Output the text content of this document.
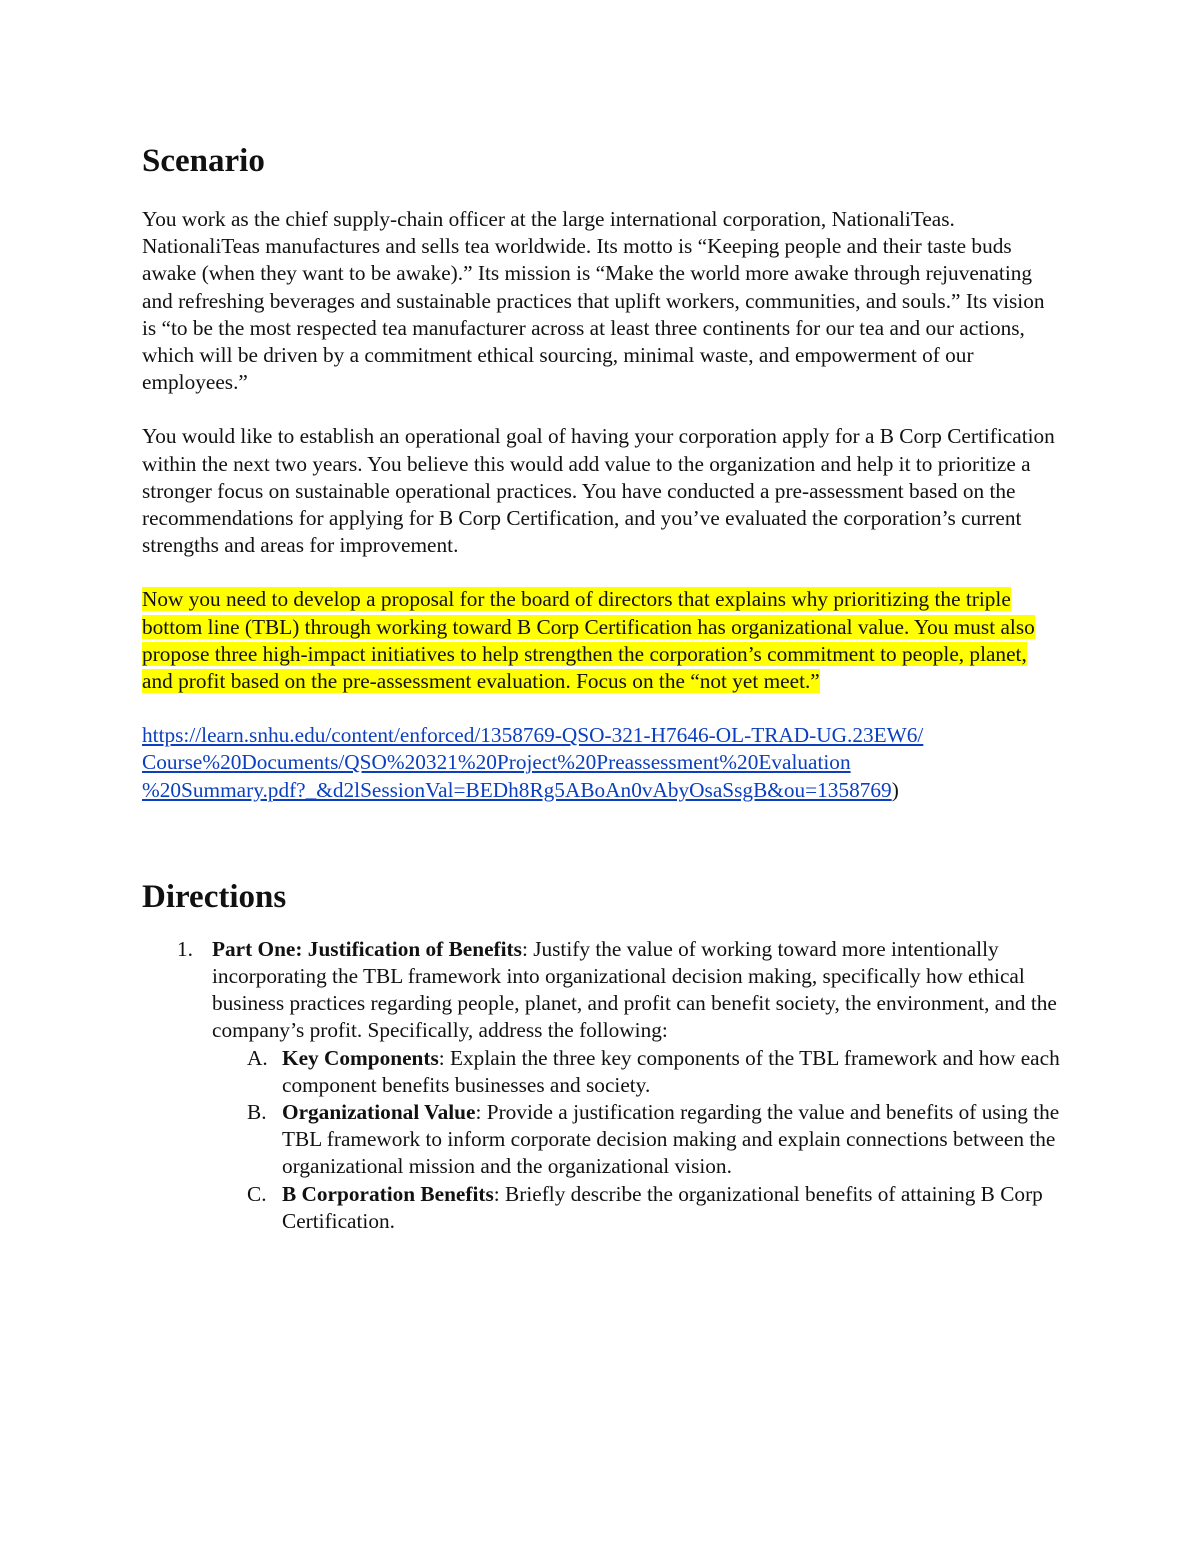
Scenario

You work as the chief supply-chain officer at the large international corporation, NationaliTeas. NationaliTeas manufactures and sells tea worldwide. Its motto is “Keeping people and their taste buds awake (when they want to be awake).” Its mission is “Make the world more awake through rejuvenating and refreshing beverages and sustainable practices that uplift workers, communities, and souls.” Its vision is “to be the most respected tea manufacturer across at least three continents for our tea and our actions, which will be driven by a commitment ethical sourcing, minimal waste, and empowerment of our employees.”

You would like to establish an operational goal of having your corporation apply for a B Corp Certification within the next two years. You believe this would add value to the organization and help it to prioritize a stronger focus on sustainable operational practices. You have conducted a pre-assessment based on the recommendations for applying for B Corp Certification, and you’ve evaluated the corporation’s current strengths and areas for improvement.

Now you need to develop a proposal for the board of directors that explains why prioritizing the triple bottom line (TBL) through working toward B Corp Certification has organizational value. You must also propose three high-impact initiatives to help strengthen the corporation’s commitment to people, planet, and profit based on the pre-assessment evaluation. Focus on the “not yet meet.”

https://learn.snhu.edu/content/enforced/1358769-QSO-321-H7646-OL-TRAD-UG.23EW6/
Course%20Documents/QSO%20321%20Project%20Preassessment%20Evaluation
%20Summary.pdf?_&d2lSessionVal=BEDh8Rg5ABoAn0vAbyOsaSsgB&ou=1358769)
Directions
1. Part One: Justification of Benefits: Justify the value of working toward more intentionally incorporating the TBL framework into organizational decision making, specifically how ethical business practices regarding people, planet, and profit can benefit society, the environment, and the company’s profit. Specifically, address the following:
A. Key Components: Explain the three key components of the TBL framework and how each component benefits businesses and society.
B. Organizational Value: Provide a justification regarding the value and benefits of using the TBL framework to inform corporate decision making and explain connections between the organizational mission and the organizational vision.
C. B Corporation Benefits: Briefly describe the organizational benefits of attaining B Corp Certification.
